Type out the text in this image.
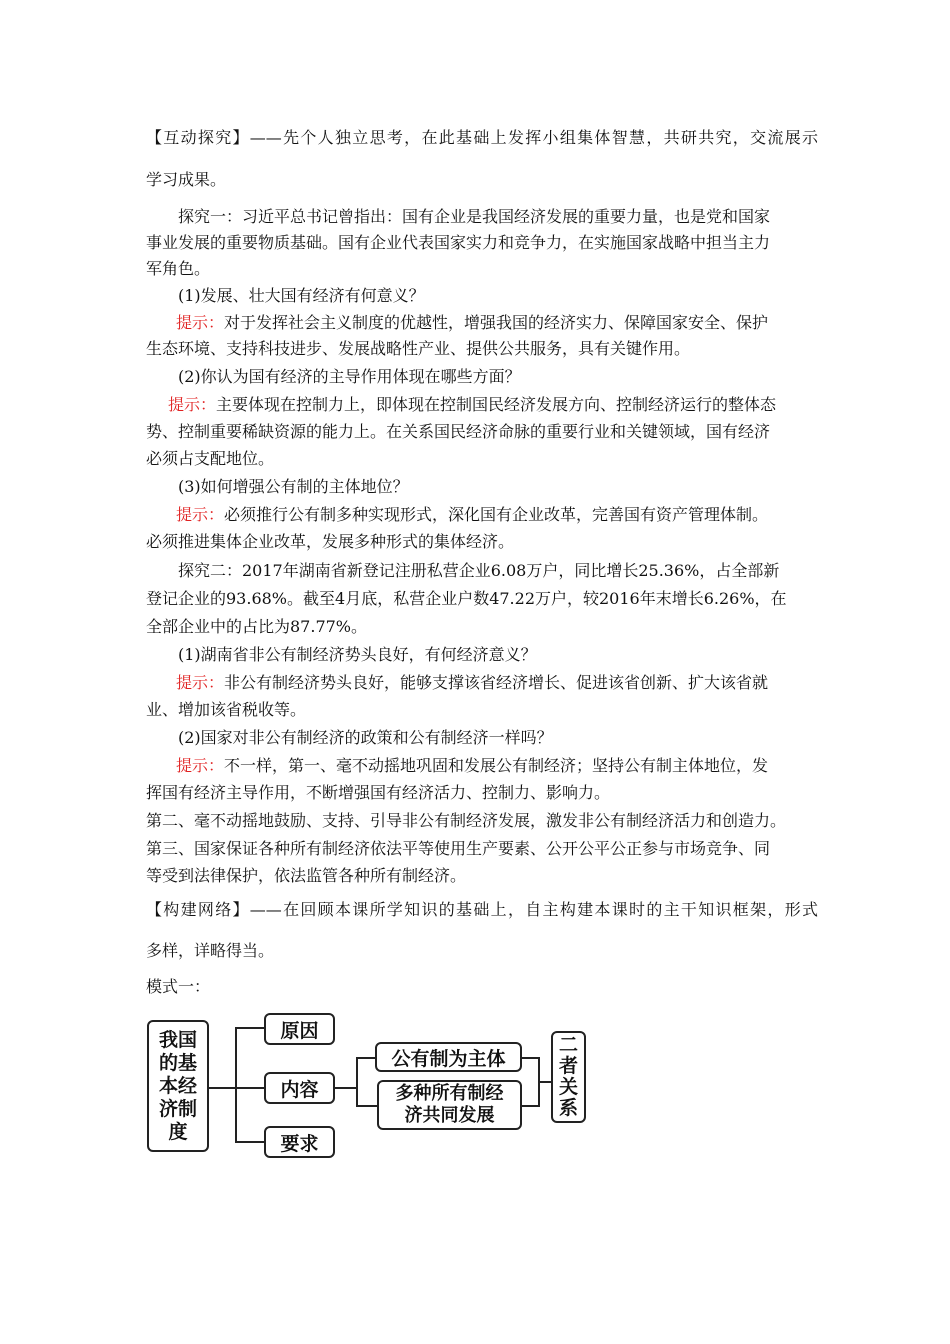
【互动探究】——先个人独立思考，在此基础上发挥小组集体智慧，共研共究，交流展示
学习成果。
探究一：习近平总书记曾指出：国有企业是我国经济发展的重要力量，也是党和国家
事业发展的重要物质基础。国有企业代表国家实力和竞争力，在实施国家战略中担当主力
军角色。
(1)发展、壮大国有经济有何意义？
提示：对于发挥社会主义制度的优越性，增强我国的经济实力、保障国家安全、保护
生态环境、支持科技进步、发展战略性产业、提供公共服务，具有关键作用。
(2)你认为国有经济的主导作用体现在哪些方面？
提示：主要体现在控制力上，即体现在控制国民经济发展方向、控制经济运行的整体态
势、控制重要稀缺资源的能力上。在关系国民经济命脉的重要行业和关键领域，国有经济
必须占支配地位。
(3)如何增强公有制的主体地位？
提示：必须推行公有制多种实现形式，深化国有企业改革，完善国有资产管理体制。
必须推进集体企业改革，发展多种形式的集体经济。
探究二：2017年湖南省新登记注册私营企业6.08万户，同比增长25.36%，占全部新
登记企业的93.68%。截至4月底，私营企业户数47.22万户，较2016年末增长6.26%，在
全部企业中的占比为87.77%。
(1)湖南省非公有制经济势头良好，有何经济意义？
提示：非公有制经济势头良好，能够支撑该省经济增长、促进该省创新、扩大该省就
业、增加该省税收等。
(2)国家对非公有制经济的政策和公有制经济一样吗？
提示：不一样，第一、毫不动摇地巩固和发展公有制经济；坚持公有制主体地位，发
挥国有经济主导作用，不断增强国有经济活力、控制力、影响力。
第二、毫不动摇地鼓励、支持、引导非公有制经济发展，激发非公有制经济活力和创造力。
第三、国家保证各种所有制经济依法平等使用生产要素、公开公平公正参与市场竞争、同
等受到法律保护，依法监管各种所有制经济。
【构建网络】——在回顾本课所学知识的基础上，自主构建本课时的主干知识框架，形式
多样，详略得当。
模式一：
我国
的基
本经
济制
度
原因
内容
要求
公有制为主体
多种所有制经
济共同发展
二
者
关
系
